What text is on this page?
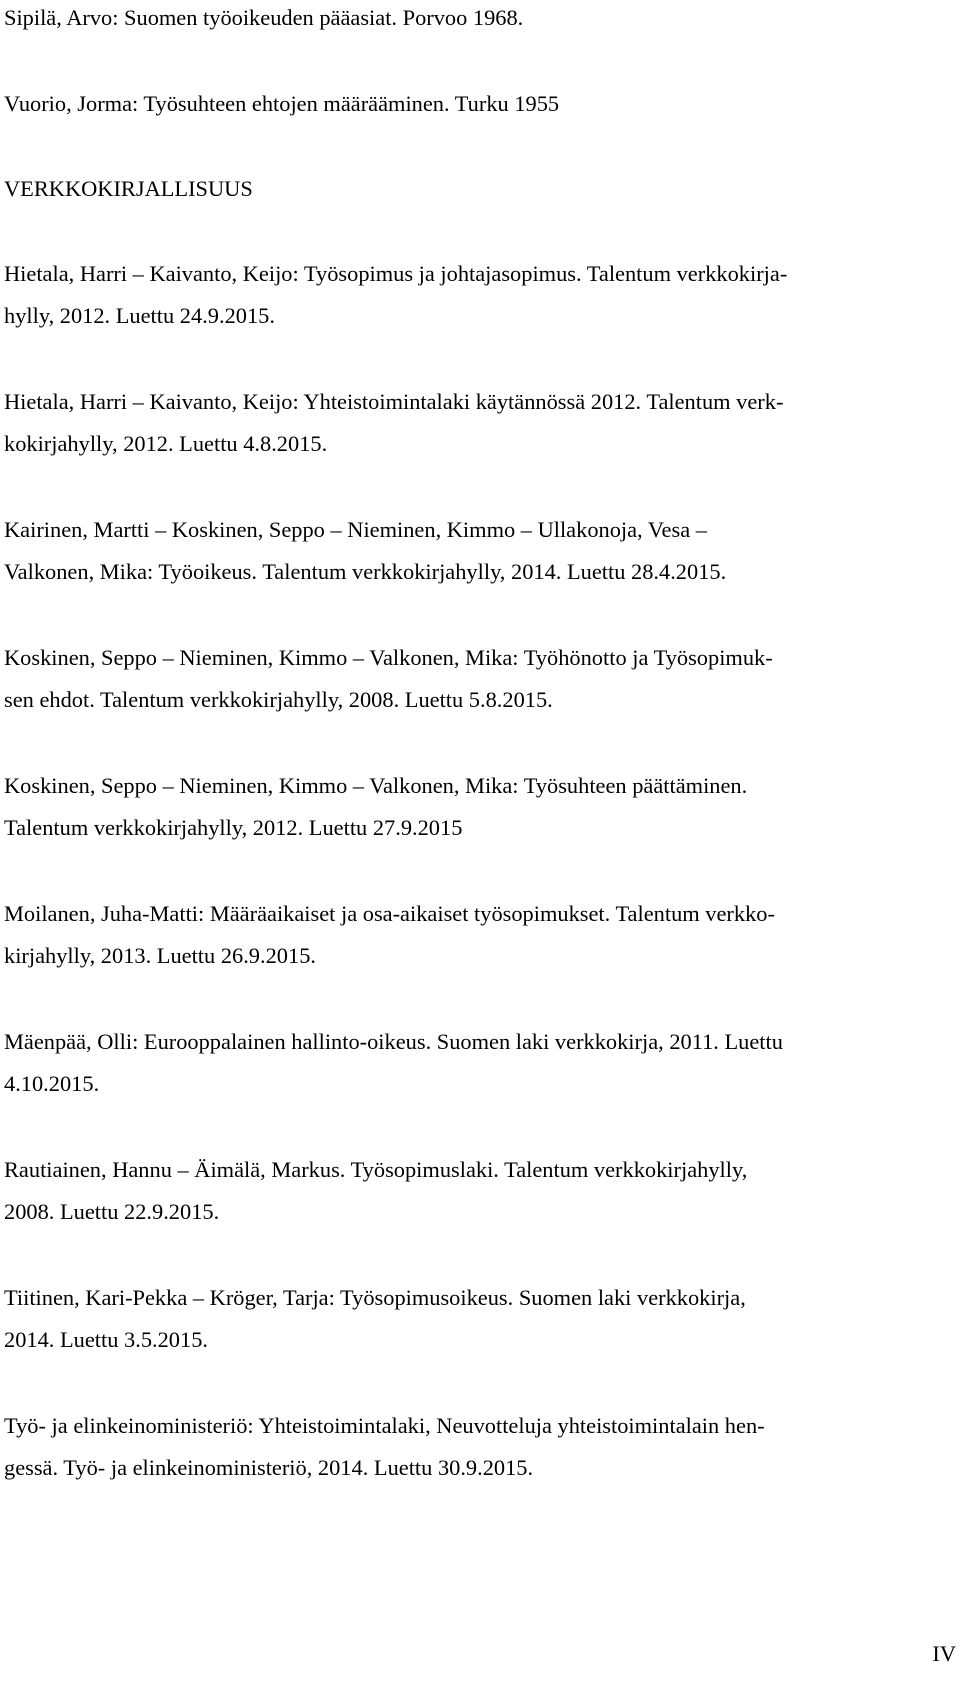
Sipilä, Arvo: Suomen työoikeuden pääasiat. Porvoo 1968.
Vuorio, Jorma: Työsuhteen ehtojen määrääminen. Turku 1955
VERKKOKIRJALLISUUS
Hietala, Harri – Kaivanto, Keijo: Työsopimus ja johtajasopimus. Talentum verkkokirja-
hylly, 2012. Luettu 24.9.2015.
Hietala, Harri – Kaivanto, Keijo: Yhteistoimintalaki käytännössä 2012. Talentum verk-
kokirjahylly, 2012. Luettu 4.8.2015.
Kairinen, Martti – Koskinen, Seppo – Nieminen, Kimmo – Ullakonoja, Vesa –
Valkonen, Mika: Työoikeus. Talentum verkkokirjahylly, 2014. Luettu 28.4.2015.
Koskinen, Seppo – Nieminen, Kimmo – Valkonen, Mika: Työhönotto ja Työsopimuk-
sen ehdot. Talentum verkkokirjahylly, 2008. Luettu 5.8.2015.
Koskinen, Seppo – Nieminen, Kimmo – Valkonen, Mika: Työsuhteen päättäminen.
Talentum verkkokirjahylly, 2012. Luettu 27.9.2015
Moilanen, Juha-Matti: Määräaikaiset ja osa-aikaiset työsopimukset. Talentum verkko-
kirjahylly, 2013. Luettu 26.9.2015.
Mäenpää, Olli: Eurooppalainen hallinto-oikeus. Suomen laki verkkokirja, 2011. Luettu
4.10.2015.
Rautiainen, Hannu – Äimälä, Markus. Työsopimuslaki. Talentum verkkokirjahylly,
2008. Luettu 22.9.2015.
Tiitinen, Kari-Pekka – Kröger, Tarja: Työsopimusoikeus. Suomen laki verkkokirja,
2014. Luettu 3.5.2015.
Työ- ja elinkeinoministeriö: Yhteistoimintalaki, Neuvotteluja yhteistoimintalain hen-
gessä. Työ- ja elinkeinoministeriö, 2014. Luettu 30.9.2015.
IV
